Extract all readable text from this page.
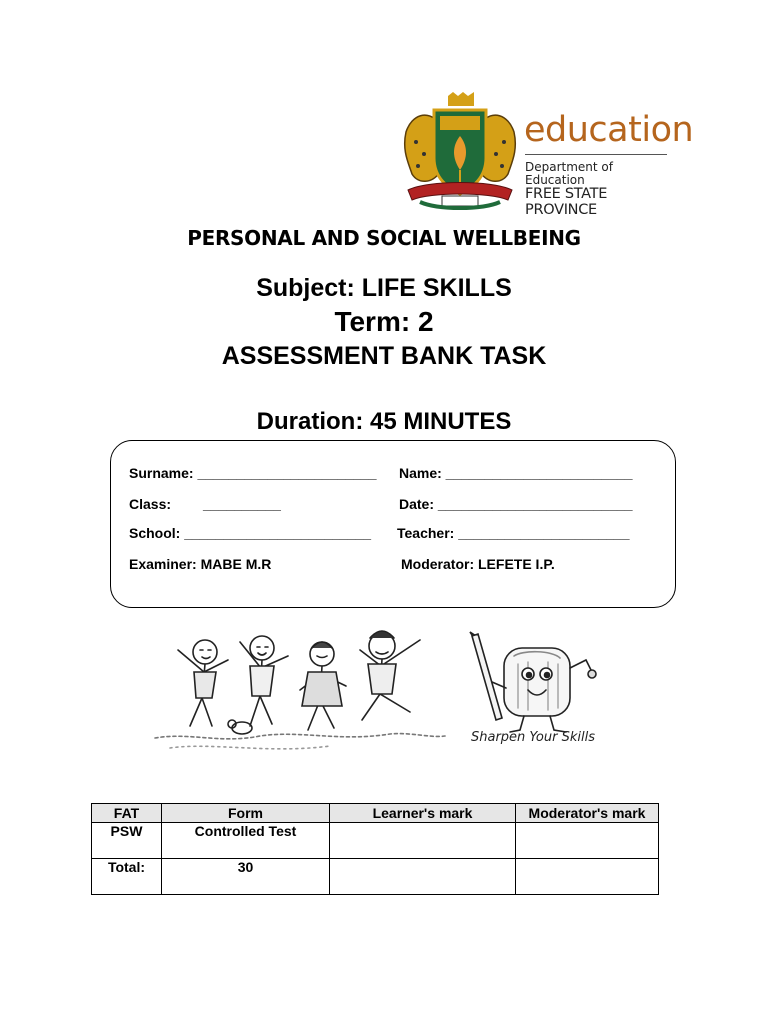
education
Department of
Education
FREE STATE PROVINCE
PERSONAL AND SOCIAL WELLBEING
Subject: LIFE SKILLS
Term: 2
ASSESSMENT BANK TASK
Duration: 45 MINUTES
Surname: _______________________ Name: ________________________
Class: __________	Date: _________________________
School: ________________________ Teacher: ______________________
Examiner: MABE M.R	Moderator: LEFETE I.P.
Sharpen Your Skills
FAT	Form	Learner's mark	Moderator's mark
PSW	Controlled Test		
Total:	30		
